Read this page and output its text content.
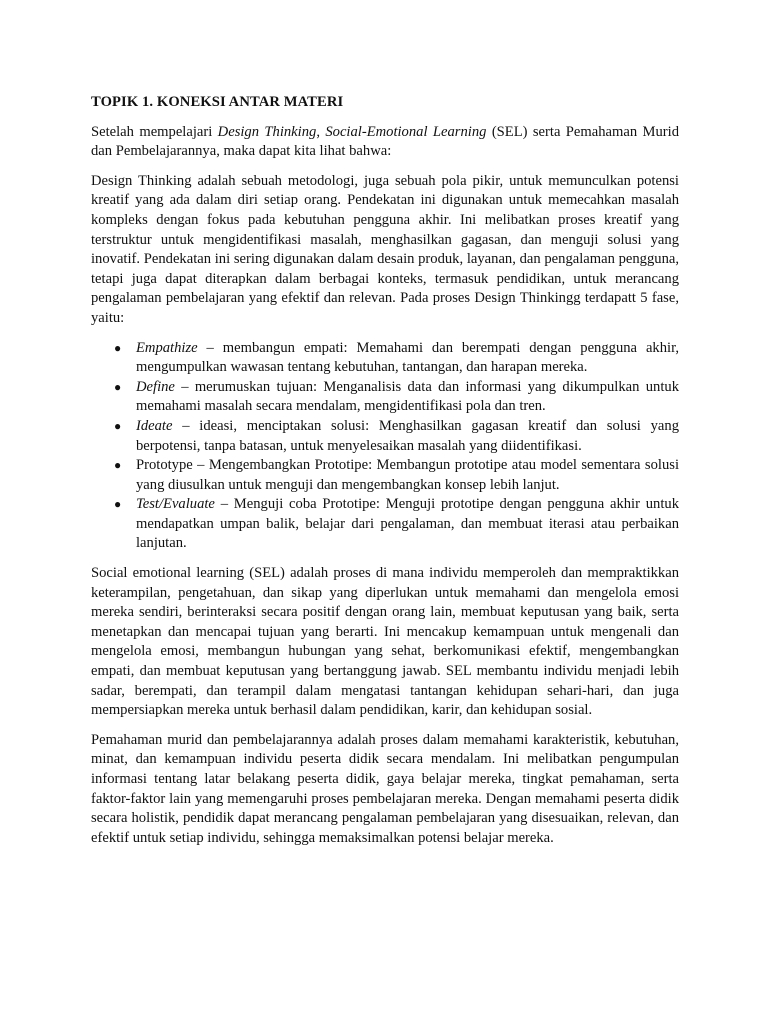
TOPIK 1. KONEKSI ANTAR MATERI

Setelah mempelajari Design Thinking, Social-Emotional Learning (SEL) serta Pemahaman Murid dan Pembelajarannya, maka dapat kita lihat bahwa:

Design Thinking adalah sebuah metodologi, juga sebuah pola pikir, untuk memunculkan potensi kreatif yang ada dalam diri setiap orang. Pendekatan ini digunakan untuk memecahkan masalah kompleks dengan fokus pada kebutuhan pengguna akhir. Ini melibatkan proses kreatif yang terstruktur untuk mengidentifikasi masalah, menghasilkan gagasan, dan menguji solusi yang inovatif. Pendekatan ini sering digunakan dalam desain produk, layanan, dan pengalaman pengguna, tetapi juga dapat diterapkan dalam berbagai konteks, termasuk pendidikan, untuk merancang pengalaman pembelajaran yang efektif dan relevan. Pada proses Design Thinkingg terdapatt 5 fase, yaitu:

● Empathize – membangun empati: Memahami dan berempati dengan pengguna akhir, mengumpulkan wawasan tentang kebutuhan, tantangan, dan harapan mereka.
● Define – merumuskan tujuan: Menganalisis data dan informasi yang dikumpulkan untuk memahami masalah secara mendalam, mengidentifikasi pola dan tren.
● Ideate – ideasi, menciptakan solusi: Menghasilkan gagasan kreatif dan solusi yang berpotensi, tanpa batasan, untuk menyelesaikan masalah yang diidentifikasi.
● Prototype – Mengembangkan Prototipe: Membangun prototipe atau model sementara solusi yang diusulkan untuk menguji dan mengembangkan konsep lebih lanjut.
● Test/Evaluate – Menguji coba Prototipe: Menguji prototipe dengan pengguna akhir untuk mendapatkan umpan balik, belajar dari pengalaman, dan membuat iterasi atau perbaikan lanjutan.

Social emotional learning (SEL) adalah proses di mana individu memperoleh dan mempraktikkan keterampilan, pengetahuan, dan sikap yang diperlukan untuk memahami dan mengelola emosi mereka sendiri, berinteraksi secara positif dengan orang lain, membuat keputusan yang baik, serta menetapkan dan mencapai tujuan yang berarti. Ini mencakup kemampuan untuk mengenali dan mengelola emosi, membangun hubungan yang sehat, berkomunikasi efektif, mengembangkan empati, dan membuat keputusan yang bertanggung jawab. SEL membantu individu menjadi lebih sadar, berempati, dan terampil dalam mengatasi tantangan kehidupan sehari-hari, dan juga mempersiapkan mereka untuk berhasil dalam pendidikan, karir, dan kehidupan sosial.

Pemahaman murid dan pembelajarannya adalah proses dalam memahami karakteristik, kebutuhan, minat, dan kemampuan individu peserta didik secara mendalam. Ini melibatkan pengumpulan informasi tentang latar belakang peserta didik, gaya belajar mereka, tingkat pemahaman, serta faktor-faktor lain yang memengaruhi proses pembelajaran mereka. Dengan memahami peserta didik secara holistik, pendidik dapat merancang pengalaman pembelajaran yang disesuaikan, relevan, dan efektif untuk setiap individu, sehingga memaksimalkan potensi belajar mereka.
